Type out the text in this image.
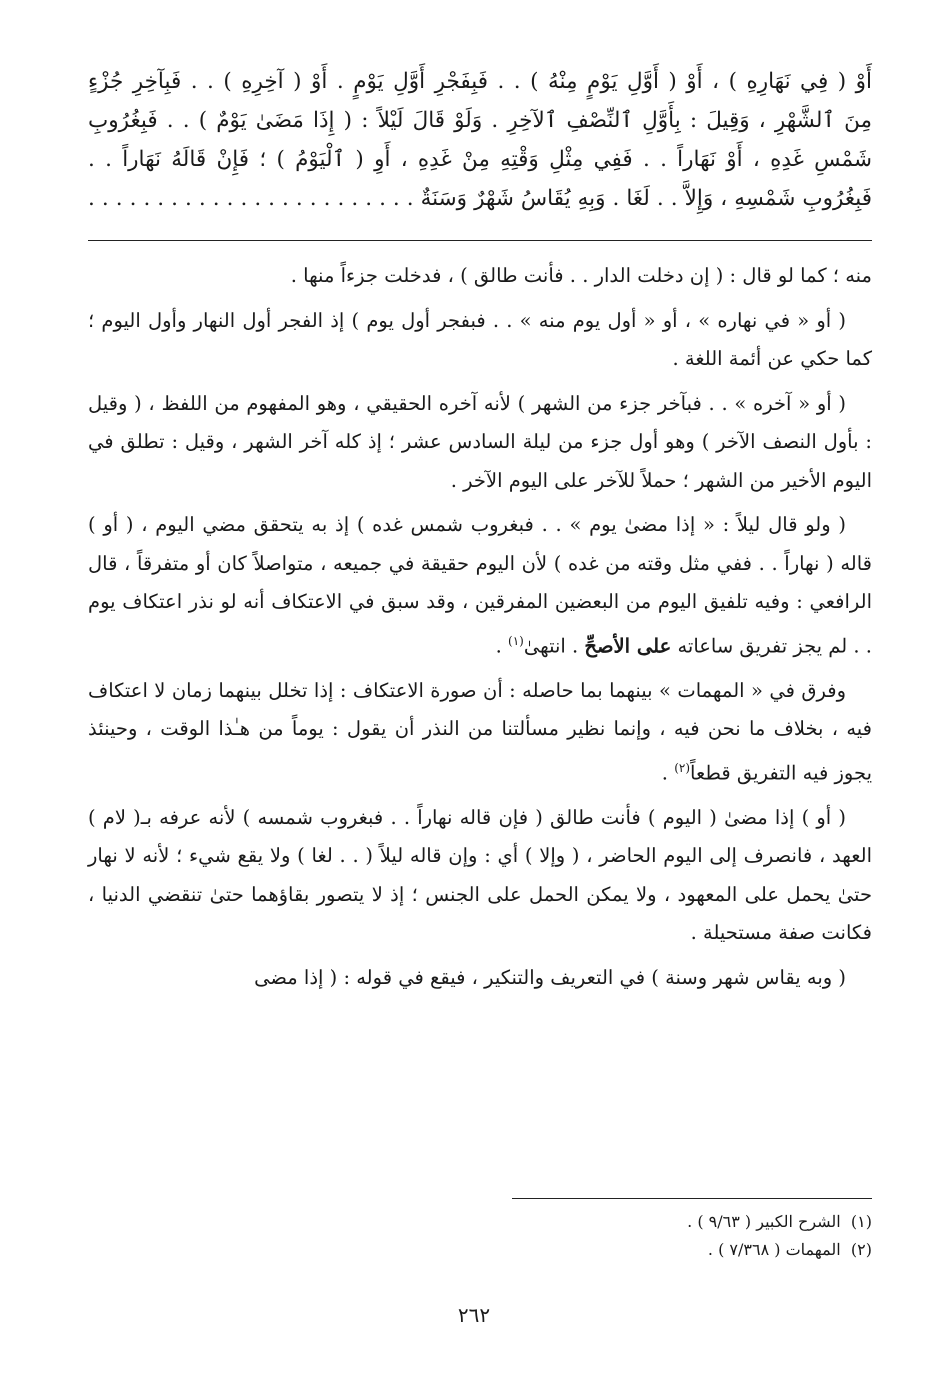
أَوْ ( فِي نَهَارِهِ ) ، أَوْ ( أَوَّلِ يَوْمٍ مِنْهُ ) . . فَبِفَجْرِ أَوَّلِ يَوْمٍ . أَوْ ( آخِرِهِ ) . . فَبِآخِرِ جُزْءٍ
مِنَ ٱلشَّهْرِ ، وَقِيلَ : بِأَوَّلِ ٱلنِّصْفِ ٱلآخِرِ . وَلَوْ قَالَ لَيْلاً : ( إِذَا مَضَىٰ يَوْمٌ ) . . فَبِغُرُوبِ
شَمْسِ غَدِهِ ، أَوْ نَهَاراً . . فَفِي مِثْلِ وَقْتِهِ مِنْ غَدِهِ ، أَوِ ( ٱلْيَوْمُ ) ؛ فَإِنْ قَالَهُ نَهَاراً . .
فَبِغُرُوبِ شَمْسِهِ ، وَإِلاَّ . . لَغَا . وَبِهِ يُقَاسُ شَهْرٌ وَسَنَةٌ . . . . . . . . . . . . . . . . . . . . . . . .

منه ؛ كما لو قال : ( إن دخلت الدار . . فأنت طالق ) ، فدخلت جزءاً منها .

( أو « في نهاره » ، أو « أول يوم منه » . . فبفجر أول يوم ) إذ الفجر أول النهار وأول اليوم ؛ كما حكي عن أئمة اللغة .

( أو « آخره » . . فبآخر جزء من الشهر ) لأنه آخره الحقيقي ، وهو المفهوم من اللفظ ، ( وقيل : بأول النصف الآخر ) وهو أول جزء من ليلة السادس عشر ؛ إذ كله آخر الشهر ، وقيل : تطلق في اليوم الأخير من الشهر ؛ حملاً للآخر على اليوم الآخر .

( ولو قال ليلاً : « إذا مضىٰ يوم » . . فبغروب شمس غده ) إذ به يتحقق مضي اليوم ، ( أو ) قاله ( نهاراً . . ففي مثل وقته من غده ) لأن اليوم حقيقة في جميعه ، متواصلاً كان أو متفرقاً ، قال الرافعي : وفيه تلفيق اليوم من البعضين المفرقين ، وقد سبق في الاعتكاف أنه لو نذر اعتكاف يوم . . لم يجز تفريق ساعاته على الأصحِّ . انتهىٰ$^{(١)}$ .

وفرق في « المهمات » بينهما بما حاصله : أن صورة الاعتكاف : إذا تخلل بينهما زمان لا اعتكاف فيه ، بخلاف ما نحن فيه ، وإنما نظير مسألتنا من النذر أن يقول : يوماً من هـٰذا الوقت ، وحينئذ يجوز فيه التفريق قطعاً$^{(٢)}$ .

( أو ) إذا مضىٰ ( اليوم ) فأنت طالق ( فإن قاله نهاراً . . فبغروب شمسه ) لأنه عرفه بـ( لام ) العهد ، فانصرف إلى اليوم الحاضر ، ( وإلا ) أي : وإن قاله ليلاً ( . . لغا ) ولا يقع شيء ؛ لأنه لا نهار حتىٰ يحمل على المعهود ، ولا يمكن الحمل على الجنس ؛ إذ لا يتصور بقاؤهما حتىٰ تنقضي الدنيا ، فكانت صفة مستحيلة .

( وبه يقاس شهر وسنة ) في التعريف والتنكير ، فيقع في قوله : ( إذا مضى

(١)  الشرح الكبير ( ٩/٦٣ ) .
(٢)  المهمات ( ٧/٣٦٨ ) .
٢٦٢
